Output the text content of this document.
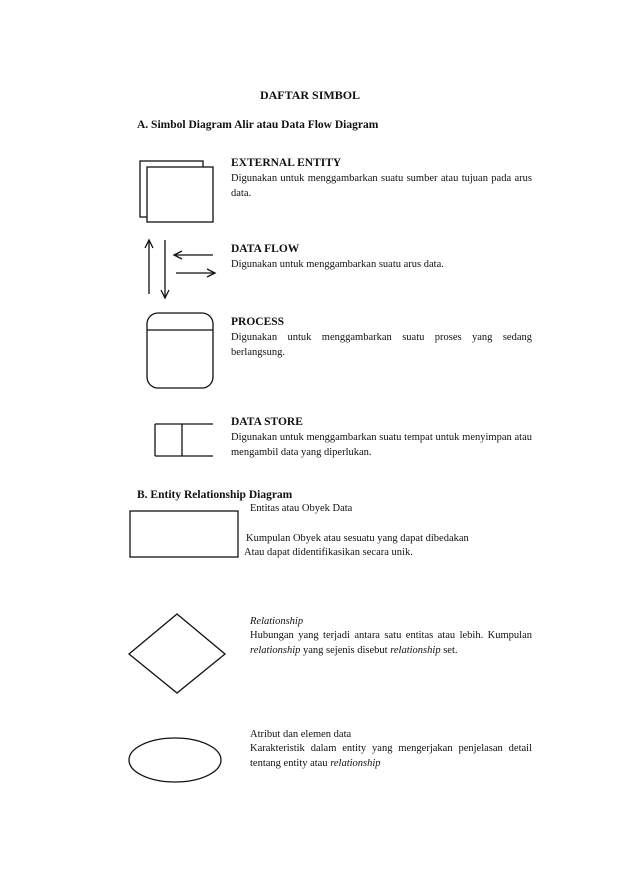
DAFTAR SIMBOL
A. Simbol Diagram Alir atau Data Flow Diagram
EXTERNAL ENTITY
Digunakan untuk menggambarkan suatu sumber atau tujuan pada arus data.
DATA FLOW
Digunakan untuk menggambarkan suatu arus data.
PROCESS
Digunakan untuk menggambarkan suatu proses yang sedang berlangsung.
DATA STORE
Digunakan untuk menggambarkan suatu tempat untuk menyimpan atau mengambil data yang diperlukan.
B. Entity Relationship Diagram
Entitas atau Obyek Data
Kumpulan Obyek atau sesuatu yang dapat dibedakan
Atau dapat didentifikasikan secara unik.
Relationship
Hubungan yang terjadi antara satu entitas atau lebih. Kumpulan relationship yang sejenis disebut relationship set.
Atribut dan elemen data
Karakteristik dalam entity yang mengerjakan penjelasan detail tentang entity atau relationship
